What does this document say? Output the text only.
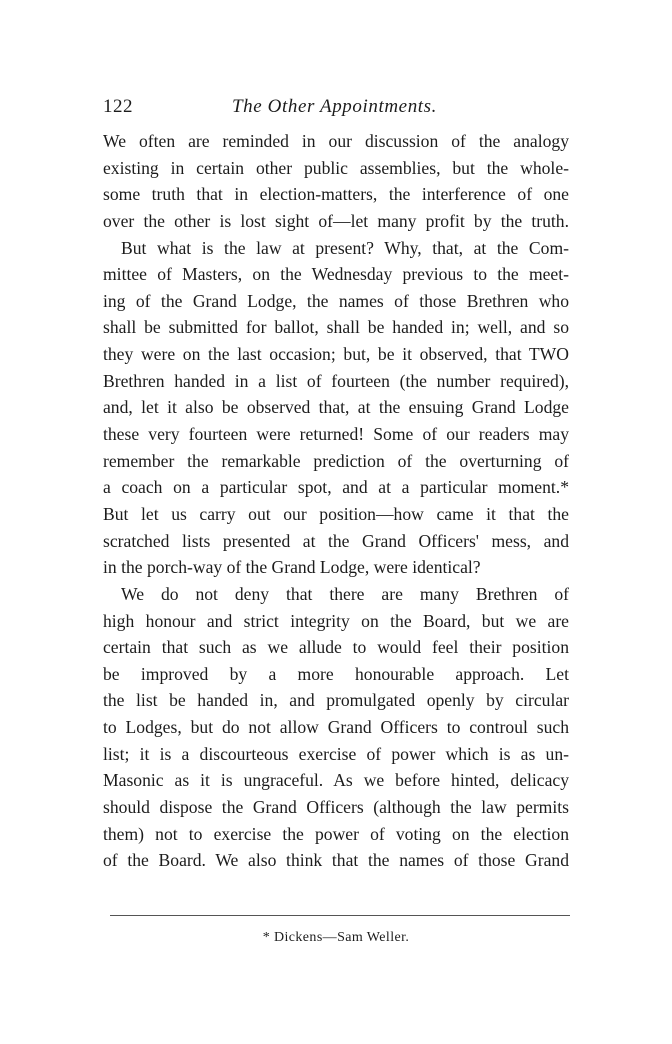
122	The Other Appointments.
We often are reminded in our discussion of the analogy
existing in certain other public assemblies, but the whole-
some truth that in election-matters, the interference of one
over the other is lost sight of—let many profit by the truth.
But what is the law at present? Why, that, at the Com-
mittee of Masters, on the Wednesday previous to the meet-
ing of the Grand Lodge, the names of those Brethren who
shall be submitted for ballot, shall be handed in; well, and so
they were on the last occasion; but, be it observed, that TWO
Brethren handed in a list of fourteen (the number required),
and, let it also be observed that, at the ensuing Grand Lodge
these very fourteen were returned! Some of our readers may
remember the remarkable prediction of the overturning of
a coach on a particular spot, and at a particular moment.*
But let us carry out our position—how came it that the
scratched lists presented at the Grand Officers' mess, and
in the porch-way of the Grand Lodge, were identical?
We do not deny that there are many Brethren of
high honour and strict integrity on the Board, but we are
certain that such as we allude to would feel their position
be improved by a more honourable approach. Let
the list be handed in, and promulgated openly by circular
to Lodges, but do not allow Grand Officers to controul such
list; it is a discourteous exercise of power which is as un-
Masonic as it is ungraceful. As we before hinted, delicacy
should dispose the Grand Officers (although the law permits
them) not to exercise the power of voting on the election
of the Board. We also think that the names of those Grand
* Dickens—Sam Weller.
